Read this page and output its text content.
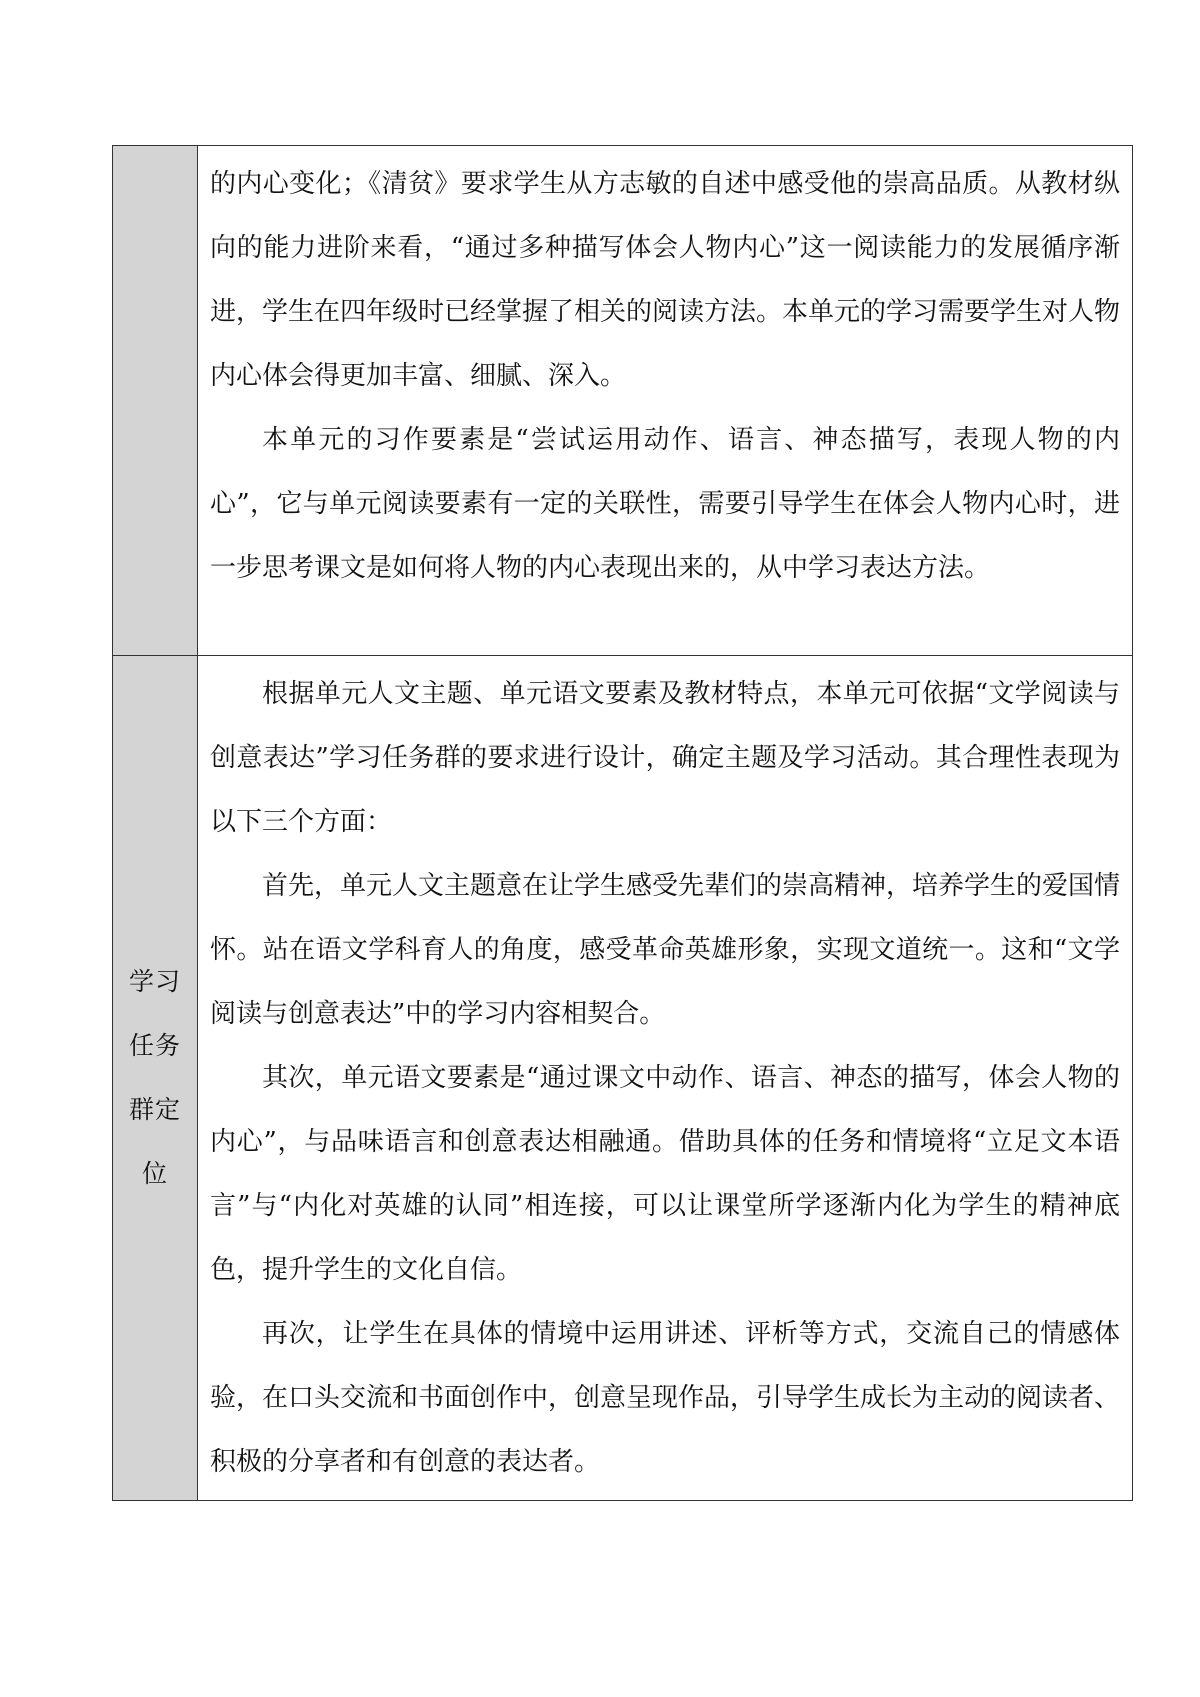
	的内心变化；《清贫》要求学生从方志敏的自述中感受他的崇高品质。从教材纵向的能力进阶来看，“通过多种描写体会人物内心”这一阅读能力的发展循序渐进，学生在四年级时已经掌握了相关的阅读方法。本单元的学习需要学生对人物内心体会得更加丰富、细腻、深入。

本单元的习作要素是“尝试运用动作、语言、神态描写，表现人物的内心”，它与单元阅读要素有一定的关联性，需要引导学生在体会人物内心时，进一步思考课文是如何将人物的内心表现出来的，从中学习表达方法。

学习任务群定位	根据单元人文主题、单元语文要素及教材特点，本单元可依据“文学阅读与创意表达”学习任务群的要求进行设计，确定主题及学习活动。其合理性表现为以下三个方面：

首先，单元人文主题意在让学生感受先辈们的崇高精神，培养学生的爱国情怀。站在语文学科育人的角度，感受革命英雄形象，实现文道统一。这和“文学阅读与创意表达”中的学习内容相契合。

其次，单元语文要素是“通过课文中动作、语言、神态的描写，体会人物的内心”，与品味语言和创意表达相融通。借助具体的任务和情境将“立足文本语言”与“内化对英雄的认同”相连接，可以让课堂所学逐渐内化为学生的精神底色，提升学生的文化自信。

再次，让学生在具体的情境中运用讲述、评析等方式，交流自己的情感体验，在口头交流和书面创作中，创意呈现作品，引导学生成长为主动的阅读者、积极的分享者和有创意的表达者。
